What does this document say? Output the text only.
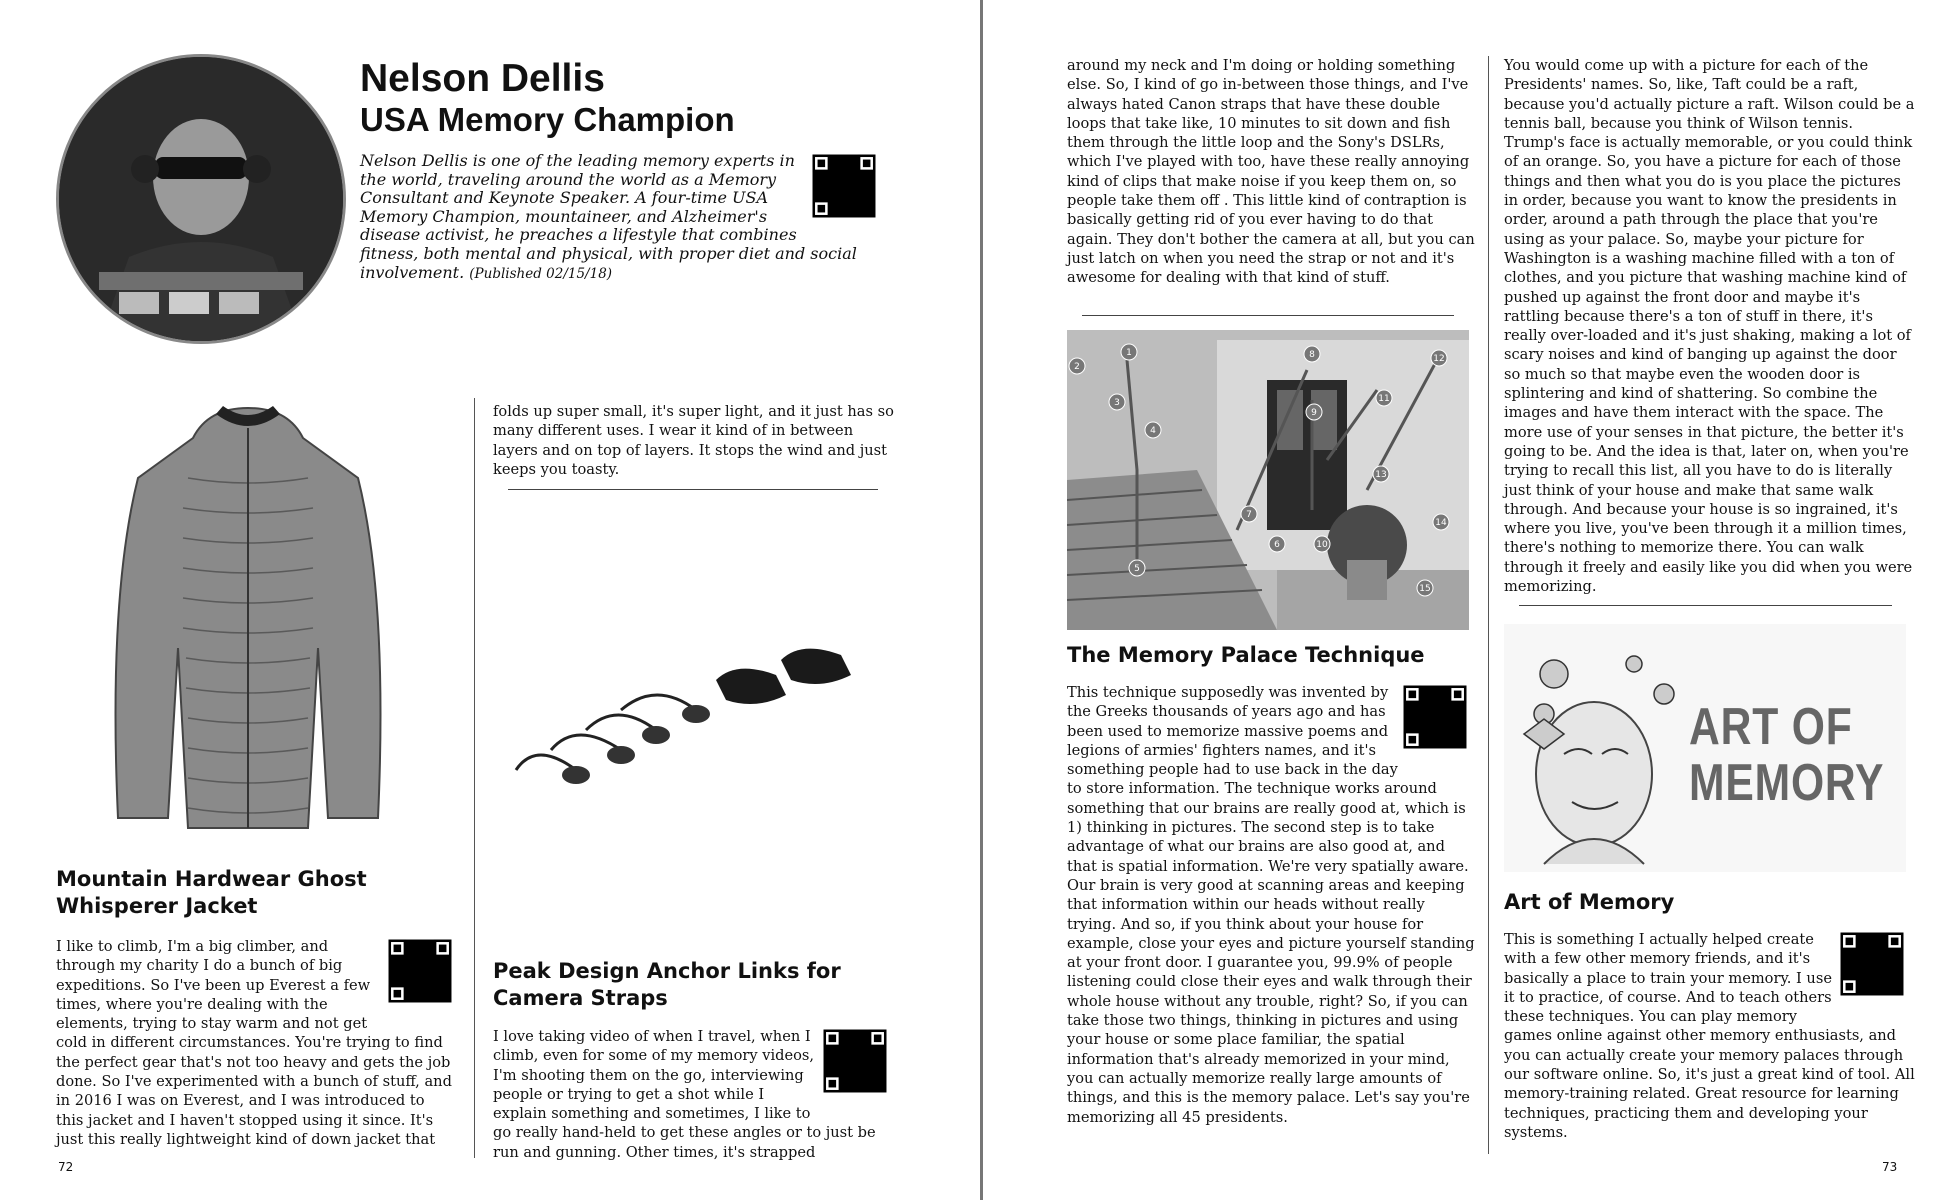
Nelson Dellis
USA Memory Champion
Nelson Dellis is one of the leading memory experts in the world, traveling around the world as a Memory Consultant and Keynote Speaker. A four-time USA Memory Champion, mountaineer, and Alzheimer's disease activist, he preaches a lifestyle that combines fitness, both mental and physical, with proper diet and social involvement. (Published 02/15/18)
Mountain Hardwear Ghost
Whisperer Jacket
I like to climb, I'm a big climber, and through my charity I do a bunch of big expeditions. So I've been up Everest a few times, where you're dealing with the elements, trying to stay warm and not get cold in different circumstances. You're trying to find the perfect gear that's not too heavy and gets the job done. So I've experimented with a bunch of stuff, and in 2016 I was on Everest, and I was introduced to this jacket and I haven't stopped using it since. It's just this really lightweight kind of down jacket that
72
folds up super small, it's super light, and it just has so many different uses. I wear it kind of in between layers and on top of layers. It stops the wind and just keeps you toasty.
Peak Design Anchor Links for
Camera Straps
I love taking video of when I travel, when I climb, even for some of my memory videos, I'm shooting them on the go, interviewing people or trying to get a shot while I explain something and sometimes, I like to go really hand-held to get these angles or to just be run and gunning. Other times, it's strapped
around my neck and I'm doing or holding something else. So, I kind of go in-between those things, and I've always hated Canon straps that have these double loops that take like, 10 minutes to sit down and fish them through the little loop and the Sony's DSLRs, which I've played with too, have these really annoying kind of clips that make noise if you keep them on, so people take them off . This little kind of contraption is basically getting rid of you ever having to do that again. They don't bother the camera at all, but you can just latch on when you need the strap or not and it's awesome for dealing with that kind of stuff.
1
2
3
4
5
6
7
8
9
10
11
12
13
14
15
The Memory Palace Technique
This technique supposedly was invented by the Greeks thousands of years ago and has been used to memorize massive poems and legions of armies' fighters names, and it's something people had to use back in the day to store information. The technique works around something that our brains are really good at, which is 1) thinking in pictures. The second step is to take advantage of what our brains are also good at, and that is spatial information. We're very spatially aware. Our brain is very good at scanning areas and keeping that information within our heads without really trying. And so, if you think about your house for example, close your eyes and picture yourself standing at your front door. I guarantee you, 99.9% of people listening could close their eyes and walk through their whole house without any trouble, right? So, if you can take those two things, thinking in pictures and using your house or some place familiar, the spatial information that's already memorized in your mind, you can actually memorize really large amounts of things, and this is the memory palace. Let's say you're memorizing all 45 presidents.
You would come up with a picture for each of the Presidents' names. So, like, Taft could be a raft, because you'd actually picture a raft. Wilson could be a tennis ball, because you think of Wilson tennis. Trump's face is actually memorable, or you could think of an orange. So, you have a picture for each of those things and then what you do is you place the pictures in order, because you want to know the presidents in order, around a path through the place that you're using as your palace. So, maybe your picture for Washington is a washing machine filled with a ton of clothes, and you picture that washing machine kind of pushed up against the front door and maybe it's rattling because there's a ton of stuff in there, it's really over-loaded and it's just shaking, making a lot of scary noises and kind of banging up against the door so much so that maybe even the wooden door is splintering and kind of shattering. So combine the images and have them interact with the space. The more use of your senses in that picture, the better it's going to be. And the idea is that, later on, when you're trying to recall this list, all you have to do is literally just think of your house and make that same walk through. And because your house is so ingrained, it's where you live, you've been through it a million times, there's nothing to memorize there. You can walk through it freely and easily like you did when you were memorizing.
ART OF
MEMORY
Art of Memory
This is something I actually helped create with a few other memory friends, and it's basically a place to train your memory. I use it to practice, of course. And to teach others these techniques. You can play memory games online against other memory enthusiasts, and you can actually create your memory palaces through our software online. So, it's just a great kind of tool. All memory-training related. Great resource for learning techniques, practicing them and developing your systems.
73
